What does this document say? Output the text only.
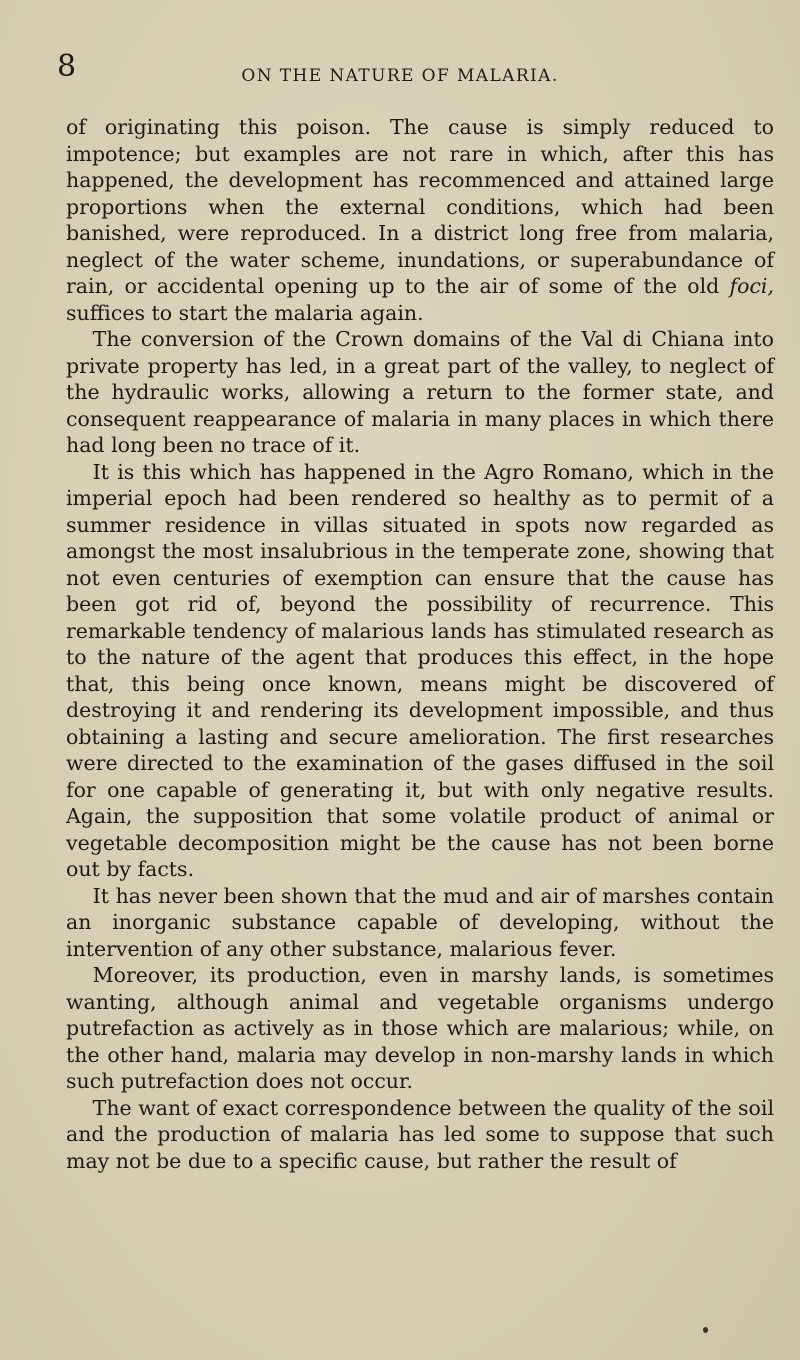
8	ON THE NATURE OF MALARIA.

of originating this poison. The cause is simply reduced to impotence; but examples are not rare in which, after this has happened, the development has recommenced and attained large proportions when the external conditions, which had been banished, were reproduced. In a district long free from malaria, neglect of the water scheme, inundations, or superabundance of rain, or accidental opening up to the air of some of the old foci, suffices to start the malaria again.

The conversion of the Crown domains of the Val di Chiana into private property has led, in a great part of the valley, to neglect of the hydraulic works, allowing a return to the former state, and consequent reappearance of malaria in many places in which there had long been no trace of it.

It is this which has happened in the Agro Romano, which in the imperial epoch had been rendered so healthy as to permit of a summer residence in villas situated in spots now regarded as amongst the most insalubrious in the temperate zone, showing that not even centuries of exemption can ensure that the cause has been got rid of, beyond the possibility of recurrence. This remarkable tendency of malarious lands has stimulated research as to the nature of the agent that produces this effect, in the hope that, this being once known, means might be discovered of destroying it and rendering its development impossible, and thus obtaining a lasting and secure amelioration. The first researches were directed to the examination of the gases diffused in the soil for one capable of generating it, but with only negative results. Again, the supposition that some volatile product of animal or vegetable decomposition might be the cause has not been borne out by facts.

It has never been shown that the mud and air of marshes contain an inorganic substance capable of developing, without the intervention of any other substance, malarious fever.

Moreover, its production, even in marshy lands, is sometimes wanting, although animal and vegetable organisms undergo putrefaction as actively as in those which are malarious; while, on the other hand, malaria may develop in non-marshy lands in which such putrefaction does not occur.

The want of exact correspondence between the quality of the soil and the production of malaria has led some to suppose that such may not be due to a specific cause, but rather the result of
